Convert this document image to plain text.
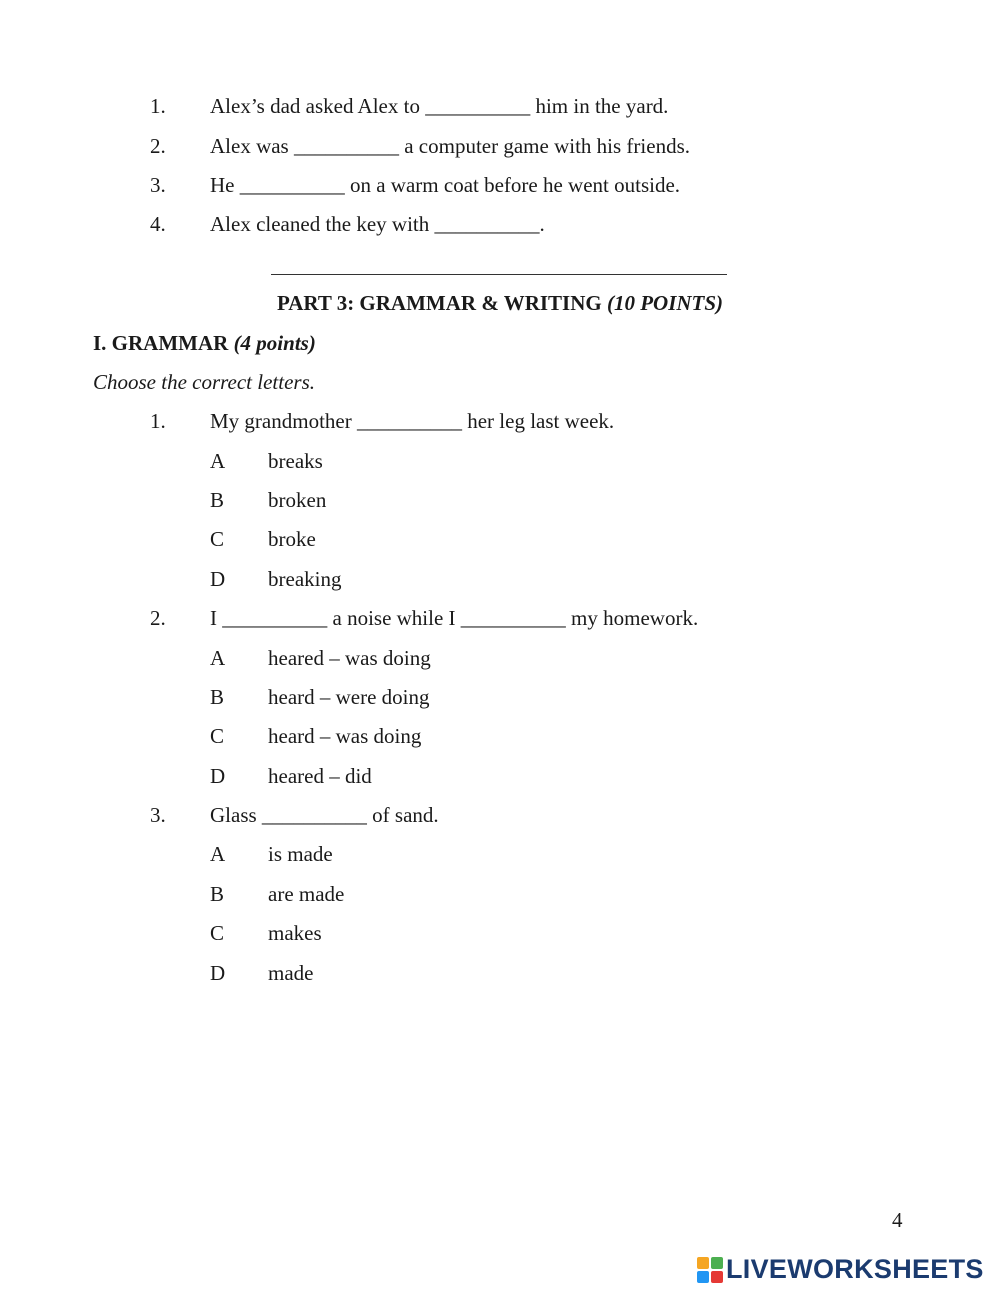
1. Alex’s dad asked Alex to __________ him in the yard.
2. Alex was __________ a computer game with his friends.
3. He __________ on a warm coat before he went outside.
4. Alex cleaned the key with __________.
PART 3: GRAMMAR & WRITING (10 POINTS)
I. GRAMMAR (4 points)
Choose the correct letters.
1. My grandmother __________ her leg last week.
A breaks
B broken
C broke
D breaking
2. I __________ a noise while I __________ my homework.
A heared – was doing
B heard – were doing
C heard – was doing
D heared – did
3. Glass __________ of sand.
A is made
B are made
C makes
D made
4
LIVEWORKSHEETS
